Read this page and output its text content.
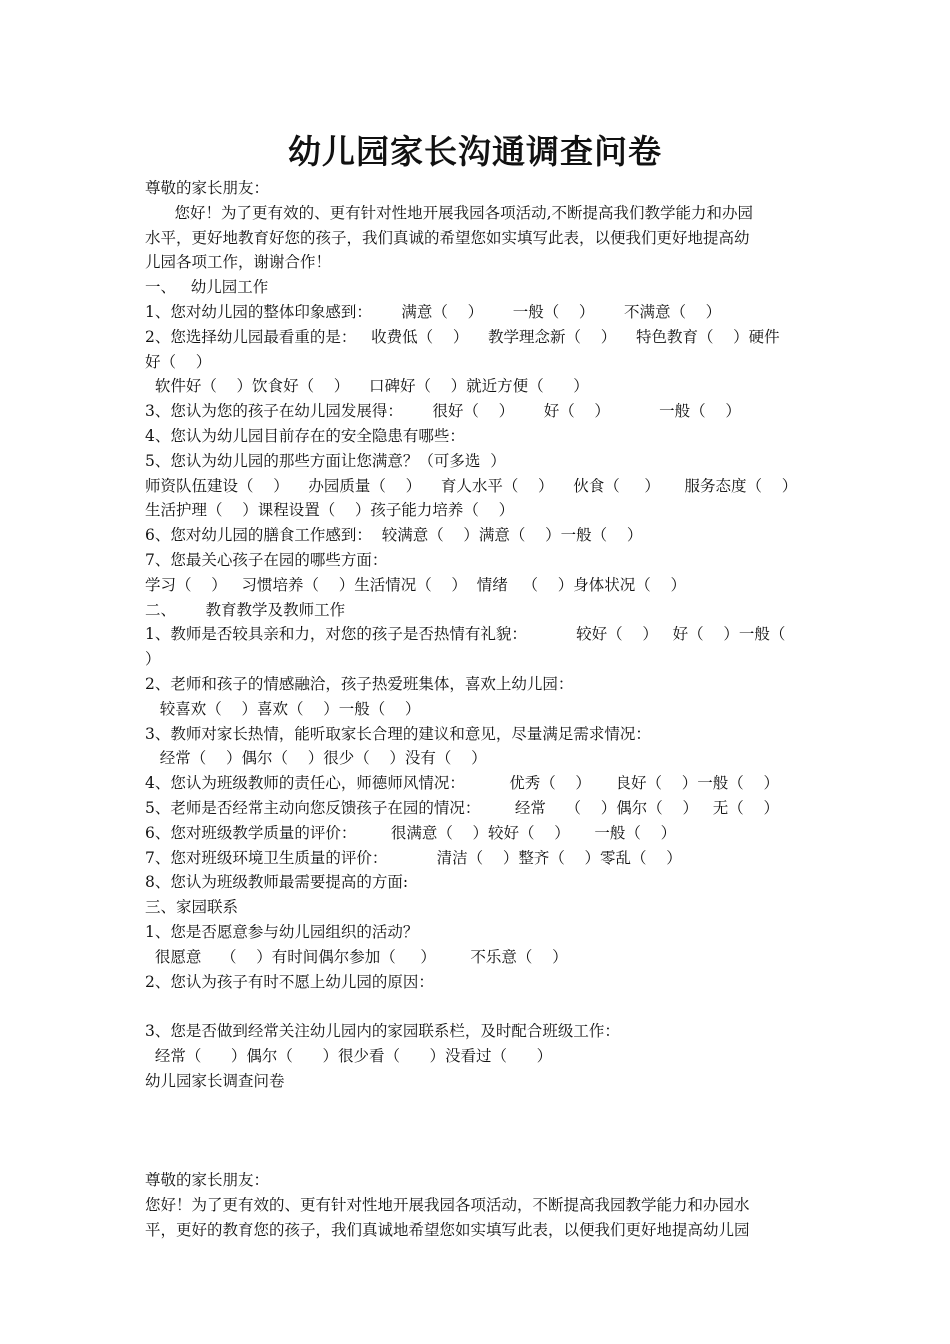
幼儿园家长沟通调查问卷
尊敬的家长朋友：
您好！为了更有效的、更有针对性地开展我园各项活动,不断提高我们教学能力和办园
水平，更好地教育好您的孩子，我们真诚的希望您如实填写此表，以便我们更好地提高幼
儿园各项工作，谢谢合作！
一、   幼儿园工作
1、您对幼儿园的整体印象感到：      满意（    ）      一般（    ）      不满意（    ）
2、您选择幼儿园最看重的是：   收费低（    ）    教学理念新（    ）    特色教育（    ）硬件
好（    ）
软件好（    ）饮食好（    ）    口碑好（    ）就近方便（      ）
3、您认为您的孩子在幼儿园发展得：      很好（    ）      好（    ）          一般（    ）
4、您认为幼儿园目前存在的安全隐患有哪些：
5、您认为幼儿园的那些方面让您满意？（可多选  ）
师资队伍建设（    ）    办园质量（    ）    育人水平（    ）    伙食（     ）     服务态度（    ）
生活护理（    ）课程设置（    ）孩子能力培养（    ）
6、您对幼儿园的膳食工作感到：  较满意（    ）满意（    ）一般（    ）
7、您最关心孩子在园的哪些方面：
学习（    ）   习惯培养（    ）生活情况（    ）  情绪   （    ）身体状况（    ）
二、      教育教学及教师工作
1、教师是否较具亲和力，对您的孩子是否热情有礼貌：          较好（    ）   好（    ）一般（
）
2、老师和孩子的情感融洽，孩子热爱班集体，喜欢上幼儿园：
较喜欢（    ）喜欢（    ）一般（    ）
3、教师对家长热情，能听取家长合理的建议和意见，尽量满足需求情况：
经常（    ）偶尔（    ）很少（    ）没有（    ）
4、您认为班级教师的责任心，师德师风情况：         优秀（    ）     良好（    ）一般（    ）
5、老师是否经常主动向您反馈孩子在园的情况：       经常    （    ）偶尔（    ）   无（    ）
6、您对班级教学质量的评价：       很满意（    ）较好（    ）     一般（    ）
7、您对班级环境卫生质量的评价：          清洁（    ）整齐（    ）零乱（    ）
8、您认为班级教师最需要提高的方面:
三、家园联系
1、您是否愿意参与幼儿园组织的活动？
很愿意    （    ）有时间偶尔参加（     ）       不乐意（    ）
2、您认为孩子有时不愿上幼儿园的原因：
3、您是否做到经常关注幼儿园内的家园联系栏，及时配合班级工作：
经常（      ）偶尔（      ）很少看（      ）没看过（      ）
幼儿园家长调查问卷
尊敬的家长朋友：
您好！为了更有效的、更有针对性地开展我园各项活动，不断提高我园教学能力和办园水
平，更好的教育您的孩子，我们真诚地希望您如实填写此表，以便我们更好地提高幼儿园
